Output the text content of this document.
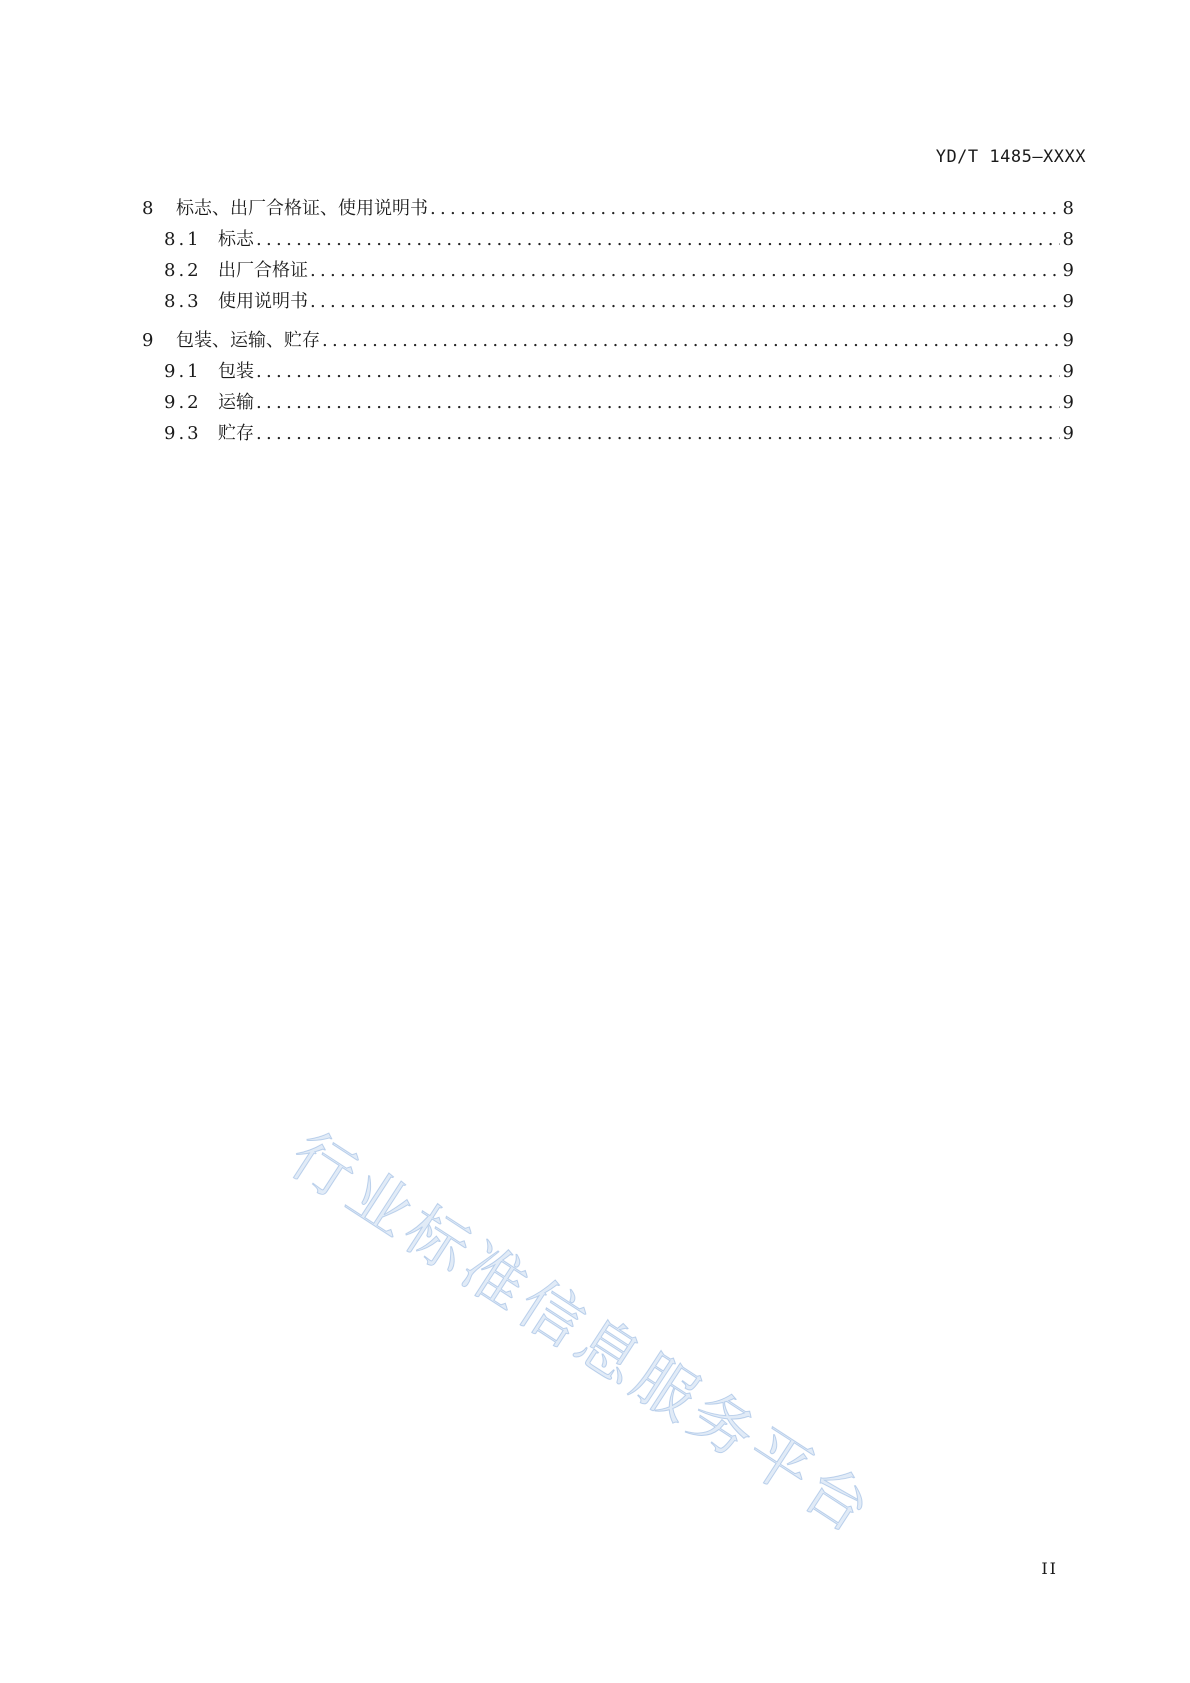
YD/T 1485—XXXX
8	标志、出厂合格证、使用说明书 .....	8
8.1 标志 .....	8
8.2 出厂合格证 .....	9
8.3 使用说明书 .....	9
9	包装、运输、贮存 .....	9
9.1 包装 .....	9
9.2 运输 .....	9
9.3 贮存 .....	9
行业标准信息服务平台
II
